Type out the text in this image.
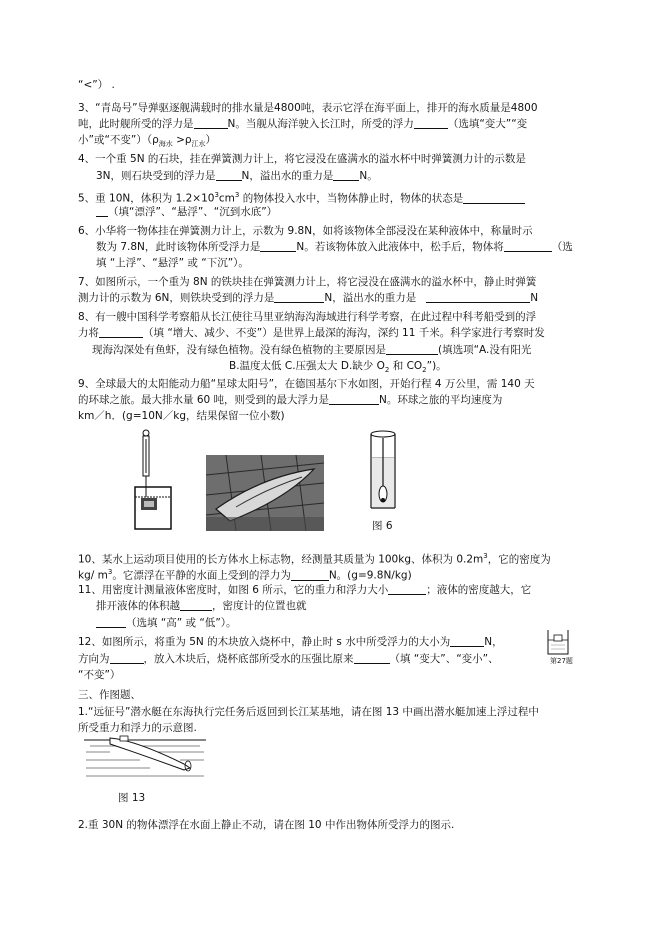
“<”） .
3、“青岛号”导弹驱逐舰满载时的排水量是4800吨，表示它浮在海平面上，排开的海水质量是4800
吨，此时舰所受的浮力是	N。当舰从海洋驶入长江时，所受的浮力	（选填“变大”“变
小”或“不变$”)(\rho_{海水} >\rho_{江水})$
4、一个重 5N 的石块，挂在弹簧测力计上，将它浸没在盛满水的溢水杯中时弹簧测力计的示数是
3N，则石块受到的浮力是 N，溢出水的重力是 N。
5、重 10N，体积为 $1.2\times 10^3cm^3$ 的物体投入水中，当物体静止时，物体的状态是
（填“漂浮”、“悬浮”、“沉到水底”）
6、小华将一物体挂在弹簧测力计上，示数为 9.8N，如将该物体全部浸没在某种液体中，称量时示
数为 7.8N，此时该物体所受浮力是	N。若该物体放入此液体中，松手后，物体将	（选
填 “上浮”、“悬浮” 或 “下沉”）。
7、如图所示，一个重为 8N 的铁块挂在弹簧测力计上，将它浸没在盛满水的溢水杯中，静止时弹簧
测力计的示数为 6N，则铁块受到的浮力是	N，溢出水的重力是	N
8、有一艘中国科学考察船从长江使往马里亚纳海沟海域进行科学考察，在此过程中科考船受到的浮
力将	（填 “增大、减少、不变”）是世界上最深的海沟，深约 11 千米。科学家进行考察时发
现海沟深处有鱼虾，没有绿色植物。没有绿色植物的主要原因是	(填选项“A.没有阳光
B.温度太低 C.压强太大 D.缺少 $O_2$ 和 $CO_2$”)。
9、全球最大的太阳能动力船“星球太阳号”，在德国基尔下水如图，开始行程 4 万公里，需 140 天
的环球之旅。最大排水量 60 吨，则受到的最大浮力是	N。环球之旅的平均速度为
km／h．(g=10N／kg，结果保留一位小数)
图 6
10、某水上运动项目使用的长方体水上标志物，经测量其质量为 100kg、体积为 $0.2m^3$，它的密度为
kg/ $m^3$。它漂浮在平静的水面上受到的浮力为	N。(g=9.8N/kg)
11、用密度计测量液体密度时，如图 6 所示，它的重力和浮力大小	；液体的密度越大，它
排开液体的体积越	，密度计的位置也就
（选填 “高” 或 “低”）。
12、如图所示，将重为 5N 的木块放入烧杯中，静止时 s 水中所受浮力的大小为	N，
方向为	，放入木块后，烧杯底部所受水的压强比原来	（填 “变大”、“变小”、
“不变”）
第27题
三、作图题、
1.“远征号”潜水艇在东海执行完任务后返回到长江某基地，请在图 13 中画出潜水艇加速上浮过程中
所受重力和浮力的示意图.
图 13
2.重 30N 的物体漂浮在水面上静止不动，请在图 10 中作出物体所受浮力的图示.
